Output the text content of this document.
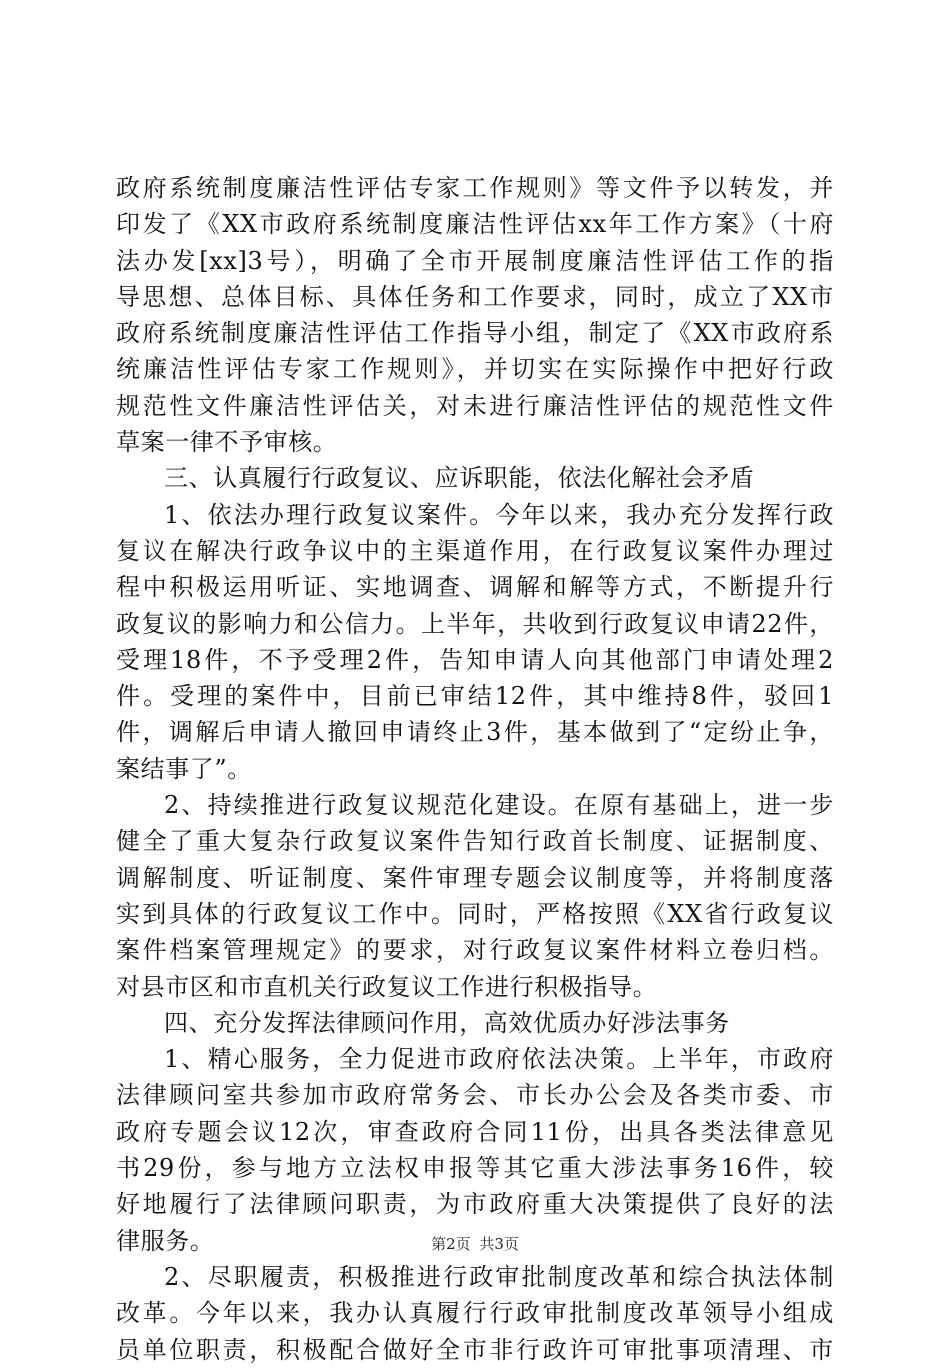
政府系统制度廉洁性评估专家工作规则》等文件予以转发，并
印发了《XX市政府系统制度廉洁性评估xx年工作方案》（十府
法办发[xx]3号），明确了全市开展制度廉洁性评估工作的指
导思想、总体目标、具体任务和工作要求，同时，成立了XX市
政府系统制度廉洁性评估工作指导小组，制定了《XX市政府系
统廉洁性评估专家工作规则》，并切实在实际操作中把好行政
规范性文件廉洁性评估关，对未进行廉洁性评估的规范性文件
草案一律不予审核。
三、认真履行行政复议、应诉职能，依法化解社会矛盾
1、依法办理行政复议案件。今年以来，我办充分发挥行政
复议在解决行政争议中的主渠道作用，在行政复议案件办理过
程中积极运用听证、实地调查、调解和解等方式，不断提升行
政复议的影响力和公信力。上半年，共收到行政复议申请22件，
受理18件，不予受理2件，告知申请人向其他部门申请处理2
件。受理的案件中，目前已审结12件，其中维持8件，驳回1
件，调解后申请人撤回申请终止3件，基本做到了“定纷止争，
案结事了”。
2、持续推进行政复议规范化建设。在原有基础上，进一步
健全了重大复杂行政复议案件告知行政首长制度、证据制度、
调解制度、听证制度、案件审理专题会议制度等，并将制度落
实到具体的行政复议工作中。同时，严格按照《XX省行政复议
案件档案管理规定》的要求，对行政复议案件材料立卷归档。
对县市区和市直机关行政复议工作进行积极指导。
四、充分发挥法律顾问作用，高效优质办好涉法事务
1、精心服务，全力促进市政府依法决策。上半年，市政府
法律顾问室共参加市政府常务会、市长办公会及各类市委、市
政府专题会议12次，审查政府合同11份，出具各类法律意见
书29份，参与地方立法权申报等其它重大涉法事务16件，较
好地履行了法律顾问职责，为市政府重大决策提供了良好的法
律服务。
2、尽职履责，积极推进行政审批制度改革和综合执法体制
改革。今年以来，我办认真履行行政审批制度改革领导小组成
员单位职责，积极配合做好全市非行政许可审批事项清理、市
第2页 共3页
